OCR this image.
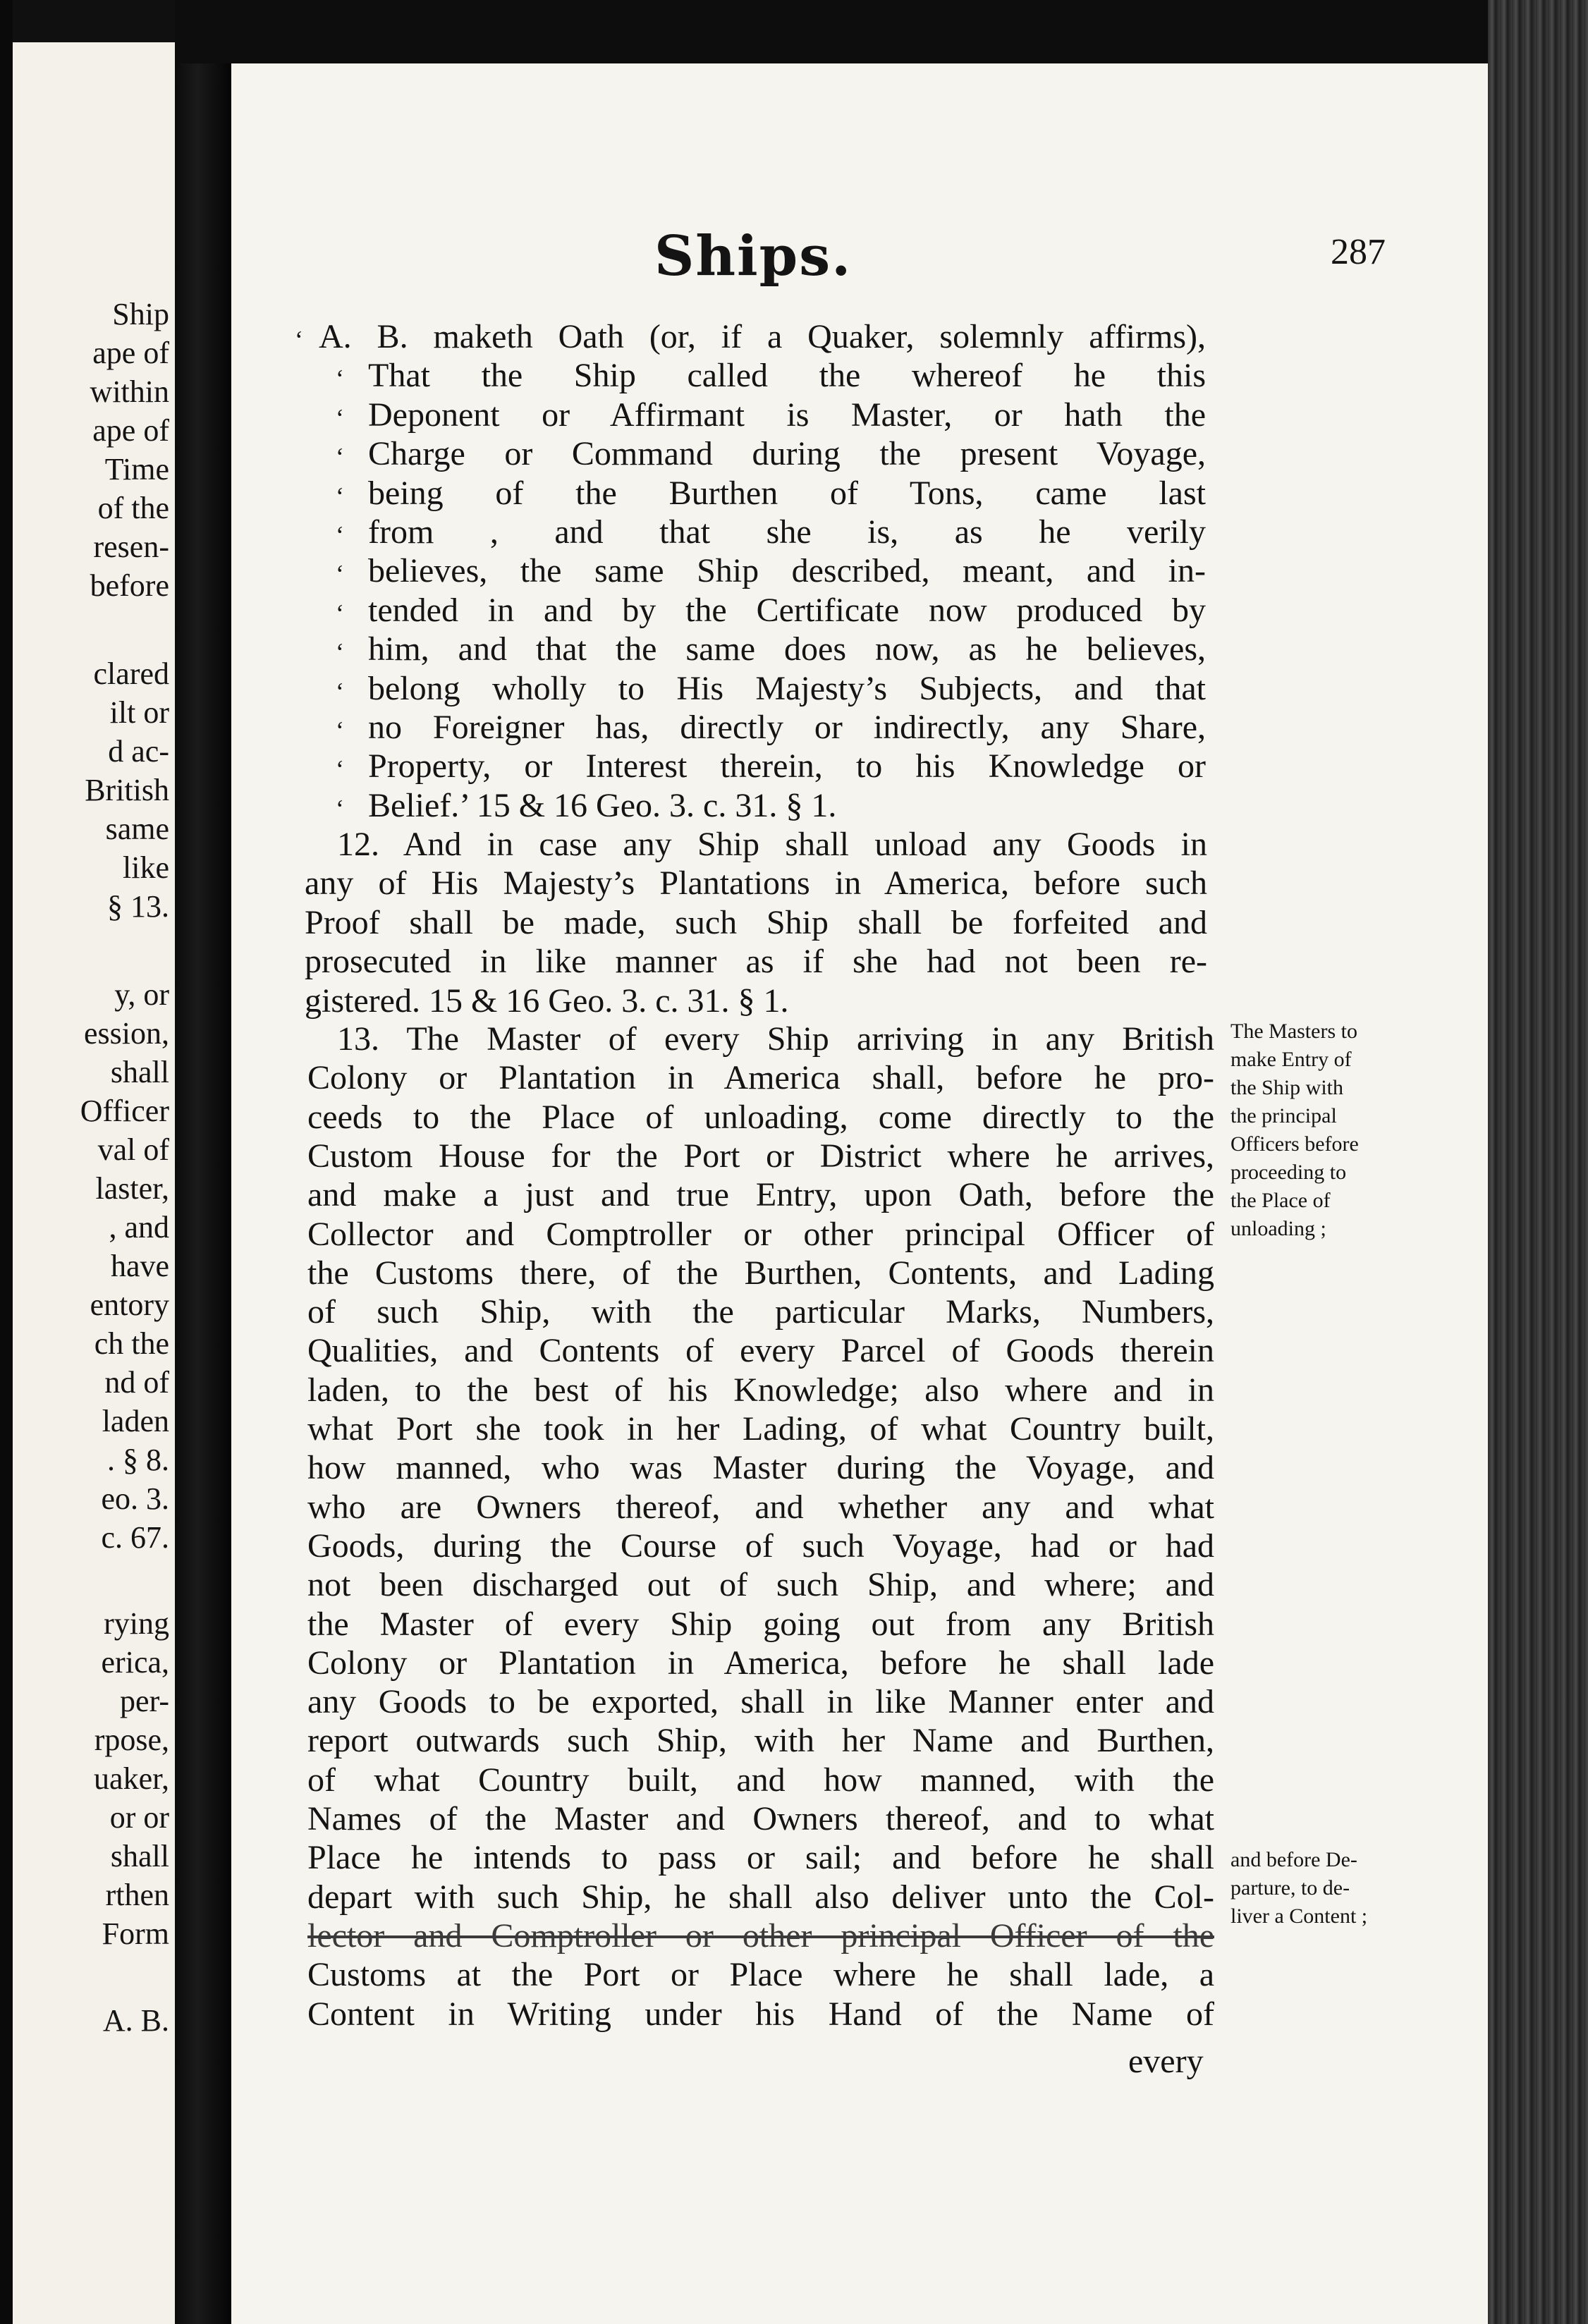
Ship
ape of
within
ape of
Time
of the
resen-
before
clared
ilt or
d ac-
British
same
like
§ 13.
y, or
ession,
shall
Officer
val of
laster,
, and
have
entory
ch the
nd of
laden
. § 8.
eo. 3.
c. 67.
rying
erica,
per-
rpose,
uaker,
or or
shall
rthen
Form
A. B.
Ships.	287
‘ A. B. maketh Oath (or, if a Quaker, solemnly affirms),
‘ That the Ship called the whereof he this
‘ Deponent or Affirmant is Master, or hath the
‘ Charge or Command during the present Voyage,
‘ being of the Burthen of Tons, came last
‘ from , and that she is, as he verily
‘ believes, the same Ship described, meant, and in-
‘ tended in and by the Certificate now produced by
‘ him, and that the same does now, as he believes,
‘ belong wholly to His Majesty’s Subjects, and that
‘ no Foreigner has, directly or indirectly, any Share,
‘ Property, or Interest therein, to his Knowledge or
‘ Belief.’ 15 & 16 Geo. 3. c. 31. § 1.
12. And in case any Ship shall unload any Goods in
any of His Majesty’s Plantations in America, before such
Proof shall be made, such Ship shall be forfeited and
prosecuted in like manner as if she had not been re-
gistered. 15 & 16 Geo. 3. c. 31. § 1.
13. The Master of every Ship arriving in any British
Colony or Plantation in America shall, before he pro-
ceeds to the Place of unloading, come directly to the
Custom House for the Port or District where he arrives,
and make a just and true Entry, upon Oath, before the
Collector and Comptroller or other principal Officer of
the Customs there, of the Burthen, Contents, and Lading
of such Ship, with the particular Marks, Numbers,
Qualities, and Contents of every Parcel of Goods therein
laden, to the best of his Knowledge; also where and in
what Port she took in her Lading, of what Country built,
how manned, who was Master during the Voyage, and
who are Owners thereof, and whether any and what
Goods, during the Course of such Voyage, had or had
not been discharged out of such Ship, and where; and
the Master of every Ship going out from any British
Colony or Plantation in America, before he shall lade
any Goods to be exported, shall in like Manner enter and
report outwards such Ship, with her Name and Burthen,
of what Country built, and how manned, with the
Names of the Master and Owners thereof, and to what
Place he intends to pass or sail; and before he shall
depart with such Ship, he shall also deliver unto the Col-
lector and Comptroller or other principal Officer of the
Customs at the Port or Place where he shall lade, a
Content in Writing under his Hand of the Name of
every
The Masters to
make Entry of
the Ship with
the principal
Officers before
proceeding to
the Place of
unloading ;
and before De-
parture, to de-
liver a Content ;
